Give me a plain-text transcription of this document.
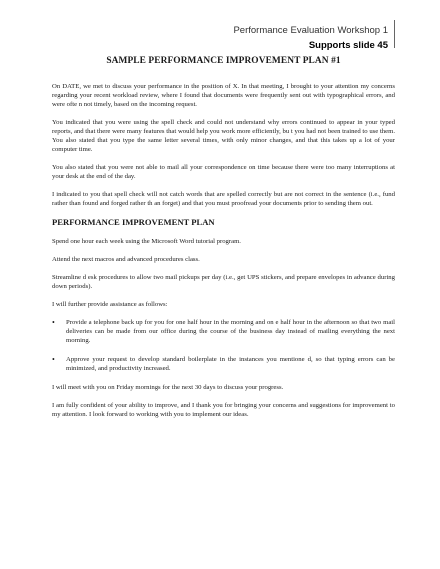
Performance Evaluation Workshop 1
Supports slide 45
SAMPLE PERFORMANCE IMPROVEMENT PLAN #1

On DATE, we met to discuss your performance in the position of X. In that meeting, I brought to your attention my concerns regarding your recent workload review, where I found that documents were frequently sent out with typographical errors, and were ofte n not timely, based on the incoming request.

You indicated that you were using the spell check and could not understand why errors continued to appear in your typed reports, and that there were many features that would help you work more efficiently, bu t you had not been trained to use them. You also stated that you type the same letter several times, with only minor changes, and that this takes up a lot of your computer time.

You also stated that you were not able to mail all your correspondence on time because there were too many interruptions at your desk at the end of the day.

I indicated to you that spell check will not catch words that are spelled correctly but are not correct in the sentence (i.e., fund rather than found and forged rather th an forget) and that you must proofread your documents prior to sending them out.

PERFORMANCE IMPROVEMENT PLAN

Spend one hour each week using the Microsoft Word tutorial program.

Attend the next macros and advanced procedures class.

Streamline d esk procedures to allow two mail pickups per day (i.e., get UPS stickers, and prepare envelopes in advance during down periods).

I will further provide assistance as follows:

• Provide a telephone back up for you for one half hour in the morning and on e half hour in the afternoon so that two mail deliveries can be made from our office during the course of the business day instead of mailing everything the next morning.
• Approve your request to develop standard boilerplate in the instances you mentione d, so that typing errors can be minimized, and productivity increased.

I will meet with you on Friday mornings for the next 30 days to discuss your progress.

I am fully confident of your ability to improve, and I thank you for bringing your concerns and suggestions for improvement to my attention. I look forward to working with you to implement our ideas.
